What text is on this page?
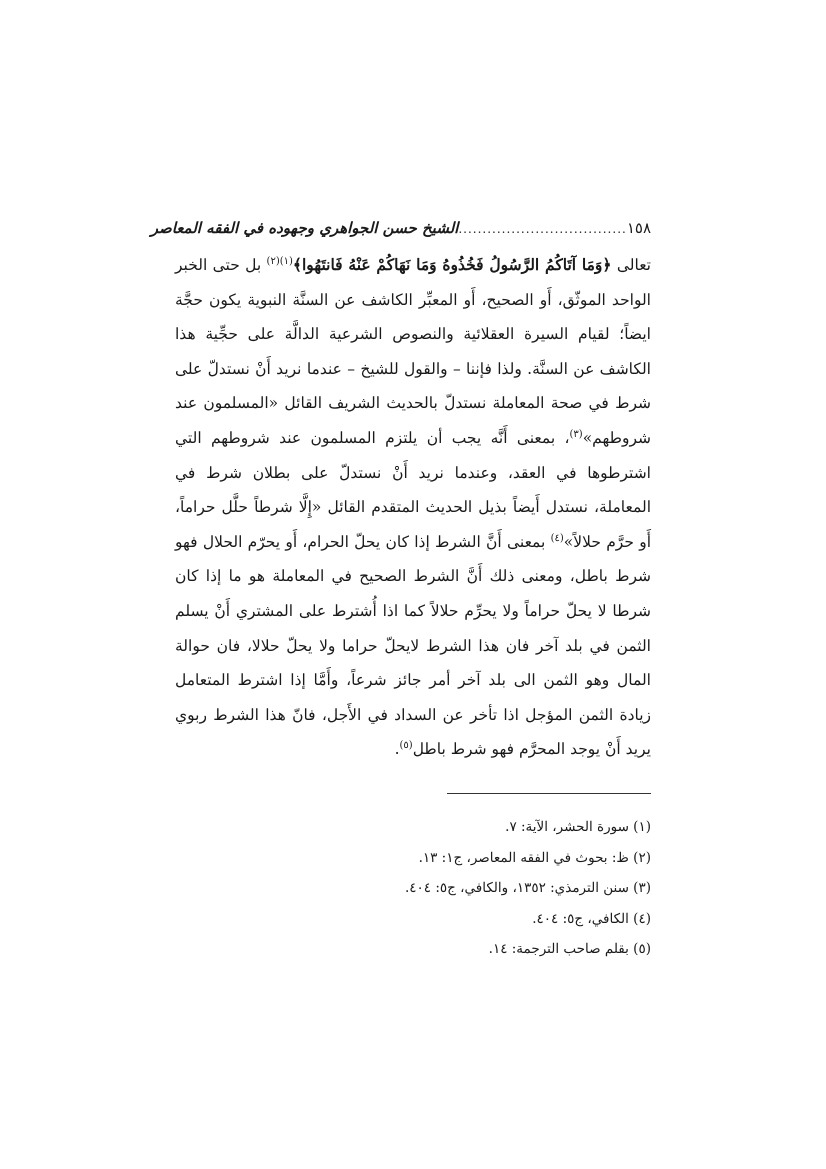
١٥٨
...................................
الشيخ حسن الجواهري وجهوده في الفقه المعاصر

تعالى ﴿وَمَا آتَاكُمُ الرَّسُولُ فَخُذُوهُ وَمَا نَهَاكُمْ عَنْهُ فَانتَهُوا﴾$^{(١)(٢)}$ بل حتى الخبر الواحد الموثّق، أَو الصحيح، أَو المعبِّر الكاشف عن السنَّة النبوية يكون حجَّة ايضاً؛ لقيام السيرة العقلائية والنصوص الشرعية الدالَّة على حجِّية هذا الكاشف عن السنَّة. ولذا فإننا – والقول للشيخ – عندما نريد أَنْ نستدلّ على شرط في صحة المعاملة نستدلّ بالحديث الشريف القائل «المسلمون عند شروطهم»$^{(٣)}$، بمعنى أَنَّه يجب أن يلتزم المسلمون عند شروطهم التي اشترطوها في العقد، وعندما نريد أَنْ نستدلّ على بطلان شرط في المعاملة، نستدل أَيضاً بذيل الحديث المتقدم القائل «إِلَّا شرطاً حلَّل حراماً، أَو حرَّم حلالاً»$^{(٤)}$ بمعنى أَنَّ الشرط إذا كان يحلّ الحرام، أَو يحرّم الحلال فهو شرط باطل، ومعنى ذلك أَنَّ الشرط الصحيح في المعاملة هو ما إذا كان شرطا لا يحلّ حراماً ولا يحرِّم حلالاً كما اذا أُشترط على المشتري أَنْ يسلم الثمن في بلد آخر فان هذا الشرط لايحلّ حراما ولا يحلّ حلالا، فان حوالة المال وهو الثمن الى بلد آخر أمر جائز شرعاً، وأَمَّا إذا اشترط المتعامل زيادة الثمن المؤجل اذا تأخر عن السداد في الأَجل، فانّ هذا الشرط ربوي يريد أَنْ يوجد المحرَّم فهو شرط باطل$^{(٥)}$.

(١) سورة الحشر، الآية: ٧.
(٢) ظ: بحوث في الفقه المعاصر، ج١: ١٣.
(٣) سنن الترمذي: ١٣٥٢، والكافي، ج٥: ٤٠٤.
(٤) الكافي، ج٥: ٤٠٤.
(٥) بقلم صاحب الترجمة: ١٤.
